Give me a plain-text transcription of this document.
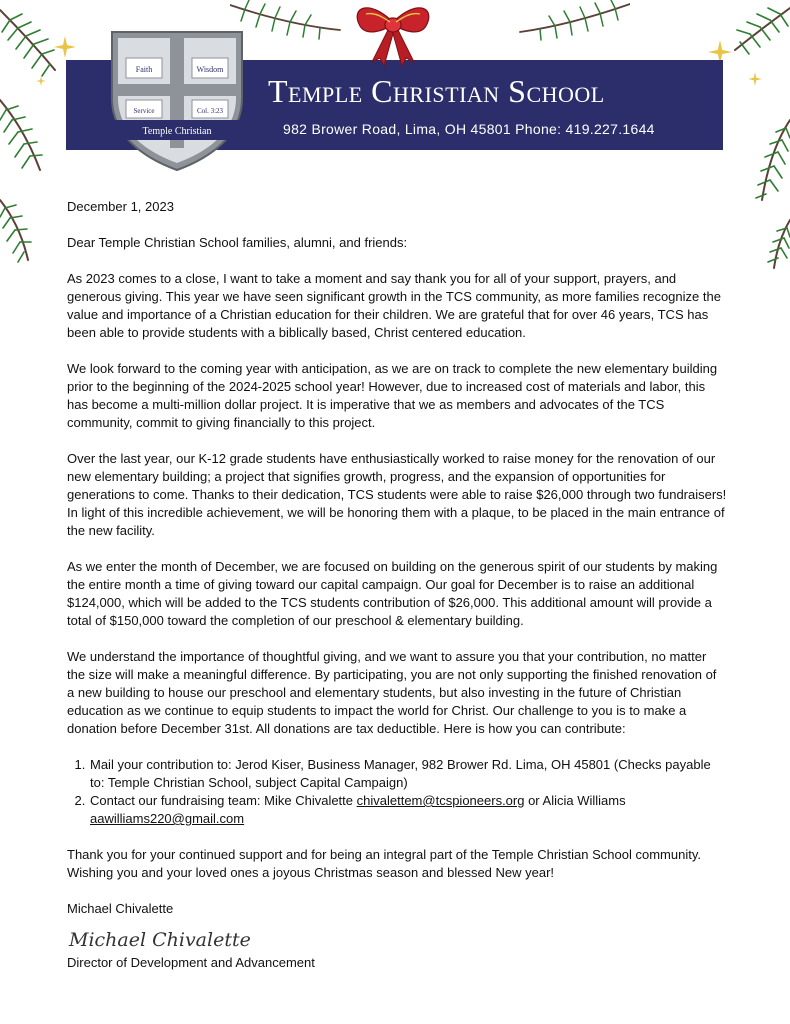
Temple Christian School
982 Brower Road, Lima, OH 45801 Phone: 419.227.1644
Faith	Wisdom
Service	Col. 3:23
Temple Christian

December 1, 2023

Dear Temple Christian School families, alumni, and friends:

As 2023 comes to a close, I want to take a moment and say thank you for all of your support, prayers, and generous giving. This year we have seen significant growth in the TCS community, as more families recognize the value and importance of a Christian education for their children. We are grateful that for over 46 years, TCS has been able to provide students with a biblically based, Christ centered education.

We look forward to the coming year with anticipation, as we are on track to complete the new elementary building prior to the beginning of the 2024-2025 school year! However, due to increased cost of materials and labor, this has become a multi-million dollar project. It is imperative that we as members and advocates of the TCS community, commit to giving financially to this project.

Over the last year, our K-12 grade students have enthusiastically worked to raise money for the renovation of our new elementary building; a project that signifies growth, progress, and the expansion of opportunities for generations to come. Thanks to their dedication, TCS students were able to raise $26,000 through two fundraisers! In light of this incredible achievement, we will be honoring them with a plaque, to be placed in the main entrance of the new facility.

As we enter the month of December, we are focused on building on the generous spirit of our students by making the entire month a time of giving toward our capital campaign. Our goal for December is to raise an additional $124,000, which will be added to the TCS students contribution of $26,000. This additional amount will provide a total of $150,000 toward the completion of our preschool & elementary building.

We understand the importance of thoughtful giving, and we want to assure you that your contribution, no matter the size will make a meaningful difference. By participating, you are not only supporting the finished renovation of a new building to house our preschool and elementary students, but also investing in the future of Christian education as we continue to equip students to impact the world for Christ. Our challenge to you is to make a donation before December 31st. All donations are tax deductible. Here is how you can contribute:

1. Mail your contribution to: Jerod Kiser, Business Manager, 982 Brower Rd. Lima, OH 45801 (Checks payable to: Temple Christian School, subject Capital Campaign)
2. Contact our fundraising team: Mike Chivalette chivalettem@tcspioneers.org or Alicia Williams aawilliams220@gmail.com

Thank you for your continued support and for being an integral part of the Temple Christian School community. Wishing you and your loved ones a joyous Christmas season and blessed New year!

Michael Chivalette

Michael Chivalette

Director of Development and Advancement
